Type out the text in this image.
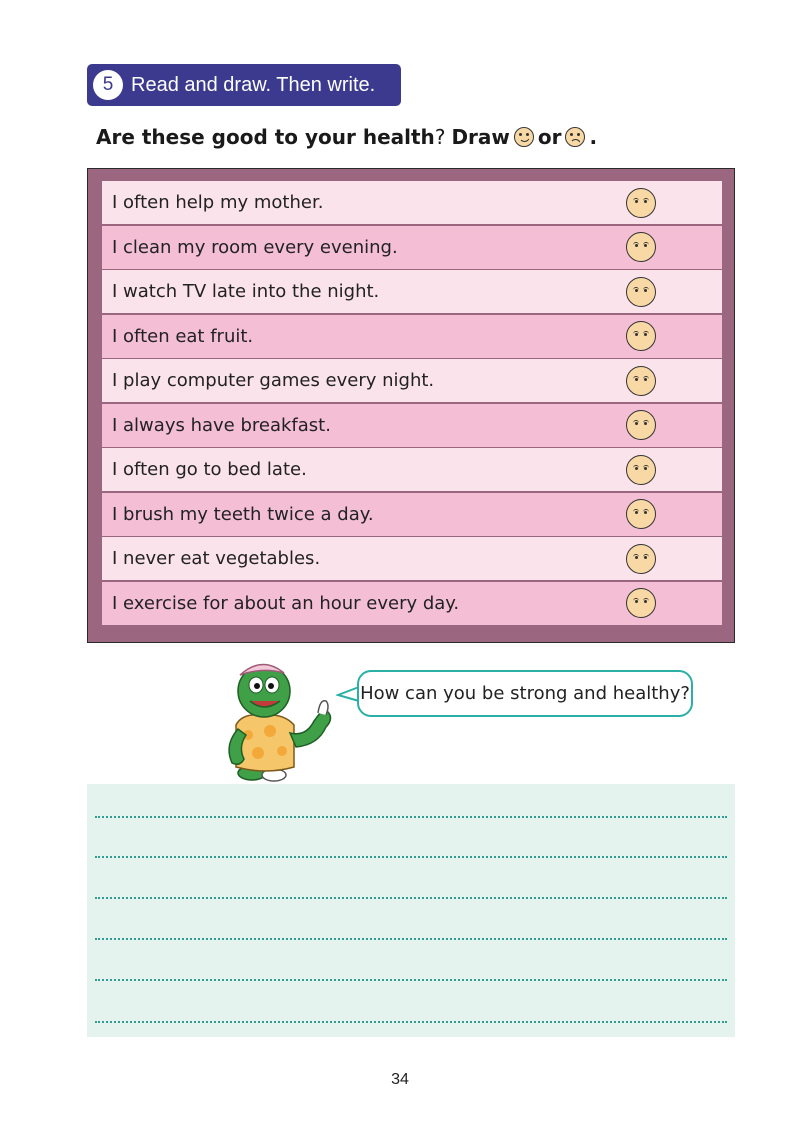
5 Read and draw. Then write.
Are these good to your health ? Draw or .
I often help my mother.
I clean my room every evening.
I watch TV late into the night.
I often eat fruit.
I play computer games every night.
I always have breakfast.
I often go to bed late.
I brush my teeth twice a day.
I never eat vegetables.
I exercise for about an hour every day.
How can you be strong and healthy?
34
